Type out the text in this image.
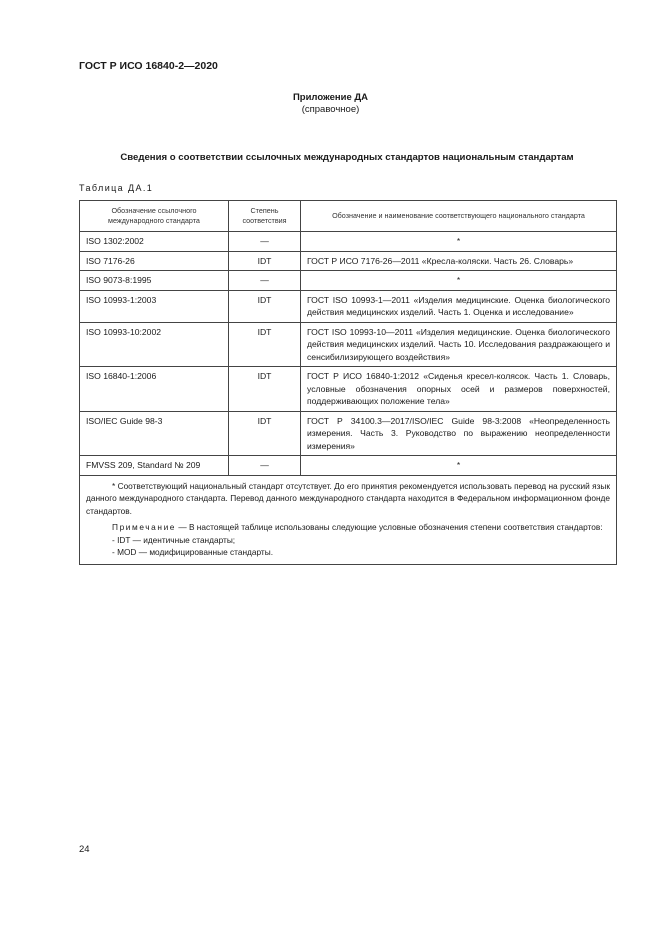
ГОСТ Р ИСО 16840-2—2020
Приложение ДА
(справочное)
Сведения о соответствии ссылочных международных стандартов национальным стандартам
Таблица ДА.1
Обозначение ссылочного международного стандарта	Степень соответствия	Обозначение и наименование соответствующего национального стандарта
ISO 1302:2002	—	*
ISO 7176-26	IDT	ГОСТ Р ИСО 7176-26—2011 «Кресла-коляски. Часть 26. Словарь»
ISO 9073-8:1995	—	*
ISO 10993-1:2003	IDT	ГОСТ ISO 10993-1—2011 «Изделия медицинские. Оценка биологического действия медицинских изделий. Часть 1. Оценка и исследование»
ISO 10993-10:2002	IDT	ГОСТ ISO 10993-10—2011 «Изделия медицинские. Оценка биологического действия медицинских изделий. Часть 10. Исследования раздражающего и сенсибилизирующего воздействия»
ISO 16840-1:2006	IDT	ГОСТ Р ИСО 16840-1:2012 «Сиденья кресел-колясок. Часть 1. Словарь, условные обозначения опорных осей и размеров поверхностей, поддерживающих положение тела»
ISO/IEC Guide 98-3	IDT	ГОСТ Р 34100.3—2017/ISO/IEC Guide 98-3:2008 «Неопределенность измерения. Часть 3. Руководство по выражению неопределенности измерения»
FMVSS 209, Standard № 209	—	*

* Соответствующий национальный стандарт отсутствует. До его принятия рекомендуется использовать перевод на русский язык данного международного стандарта. Перевод данного международного стандарта находится в Федеральном информационном фонде стандартов.

Примечание — В настоящей таблице использованы следующие условные обозначения степени соответствия стандартов:

- IDT — идентичные стандарты;
- MOD — модифицированные стандарты.		
24
